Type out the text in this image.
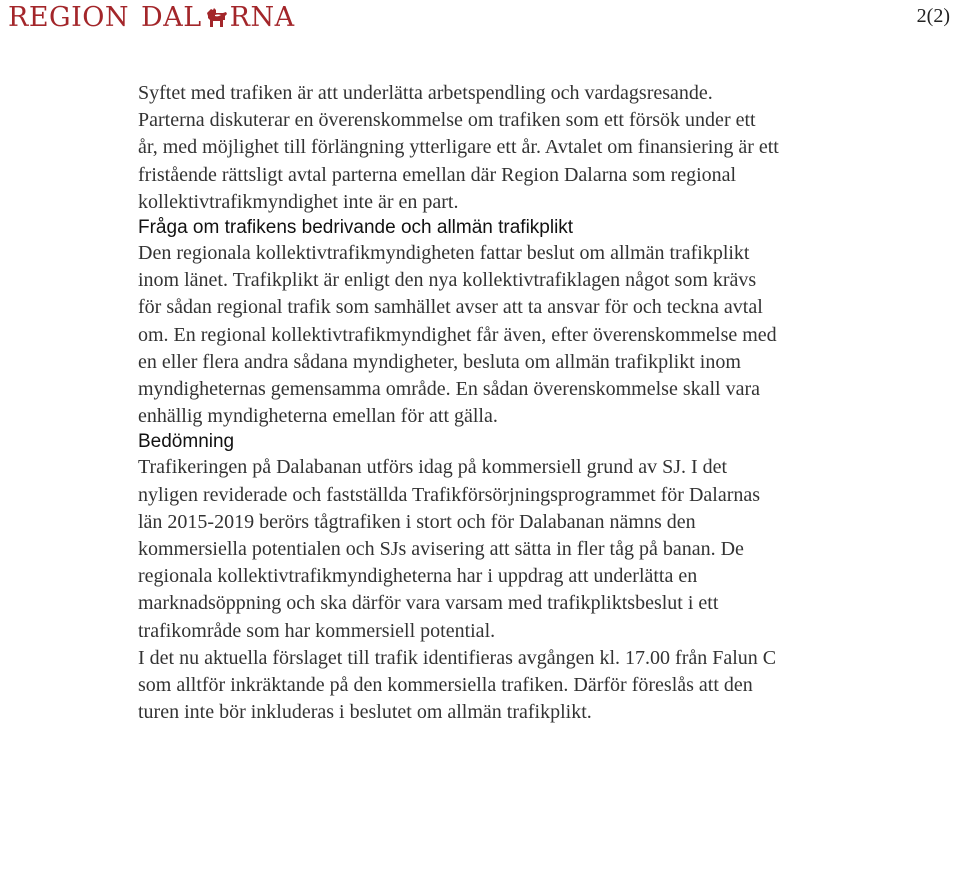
REGION DAL RNA	2(2)

Syftet med trafiken är att underlätta arbetspendling och vardagsresande.
Parterna diskuterar en överenskommelse om trafiken som ett försök under ett
år, med möjlighet till förlängning ytterligare ett år. Avtalet om finansiering är ett
fristående rättsligt avtal parterna emellan där Region Dalarna som regional
kollektivtrafikmyndighet inte är en part.

Fråga om trafikens bedrivande och allmän trafikplikt

Den regionala kollektivtrafikmyndigheten fattar beslut om allmän trafikplikt
inom länet. Trafikplikt är enligt den nya kollektivtrafiklagen något som krävs
för sådan regional trafik som samhället avser att ta ansvar för och teckna avtal
om. En regional kollektivtrafikmyndighet får även, efter överenskommelse med
en eller flera andra sådana myndigheter, besluta om allmän trafikplikt inom
myndigheternas gemensamma område. En sådan överenskommelse skall vara
enhällig myndigheterna emellan för att gälla.

Bedömning

Trafikeringen på Dalabanan utförs idag på kommersiell grund av SJ. I det
nyligen reviderade och fastställda Trafikförsörjningsprogrammet för Dalarnas
län 2015-2019 berörs tågtrafiken i stort och för Dalabanan nämns den
kommersiella potentialen och SJs avisering att sätta in fler tåg på banan. De
regionala kollektivtrafikmyndigheterna har i uppdrag att underlätta en
marknadsöppning och ska därför vara varsam med trafikpliktsbeslut i ett
trafikområde som har kommersiell potential.

I det nu aktuella förslaget till trafik identifieras avgången kl. 17.00 från Falun C
som alltför inkräktande på den kommersiella trafiken. Därför föreslås att den
turen inte bör inkluderas i beslutet om allmän trafikplikt.
